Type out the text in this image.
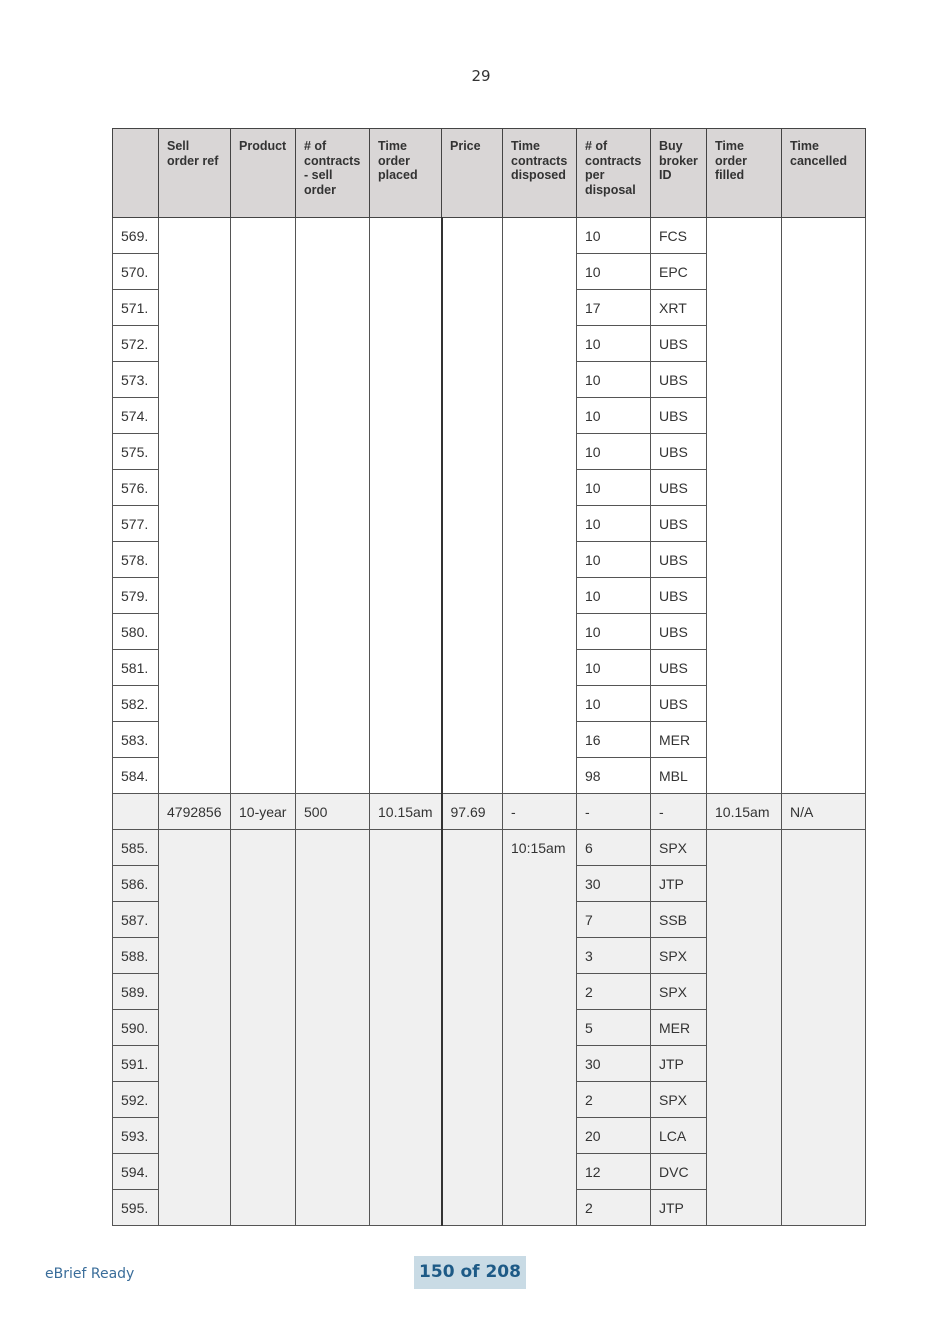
29
	Sell order ref	Product	# of contracts - sell order	Time order placed	Price	Time contracts disposed	# of contracts per disposal	Buy broker ID	Time order filled	Time cancelled
569.							10	FCS		
570.							10	EPC		
571.							17	XRT		
572.							10	UBS		
573.							10	UBS		
574.							10	UBS		
575.							10	UBS		
576.							10	UBS		
577.							10	UBS		
578.							10	UBS		
579.							10	UBS		
580.							10	UBS		
581.							10	UBS		
582.							10	UBS		
583.							16	MER		
584.							98	MBL		
	4792856	10-year	500	10.15am	97.69	-	-	-	10.15am	N/A
585.						10:15am	6	SPX		
586.							30	JTP		
587.							7	SSB		
588.							3	SPX		
589.							2	SPX		
590.							5	MER		
591.							30	JTP		
592.							2	SPX		
593.							20	LCA		
594.							12	DVC		
595.							2	JTP		
eBrief Ready	150 of 208
